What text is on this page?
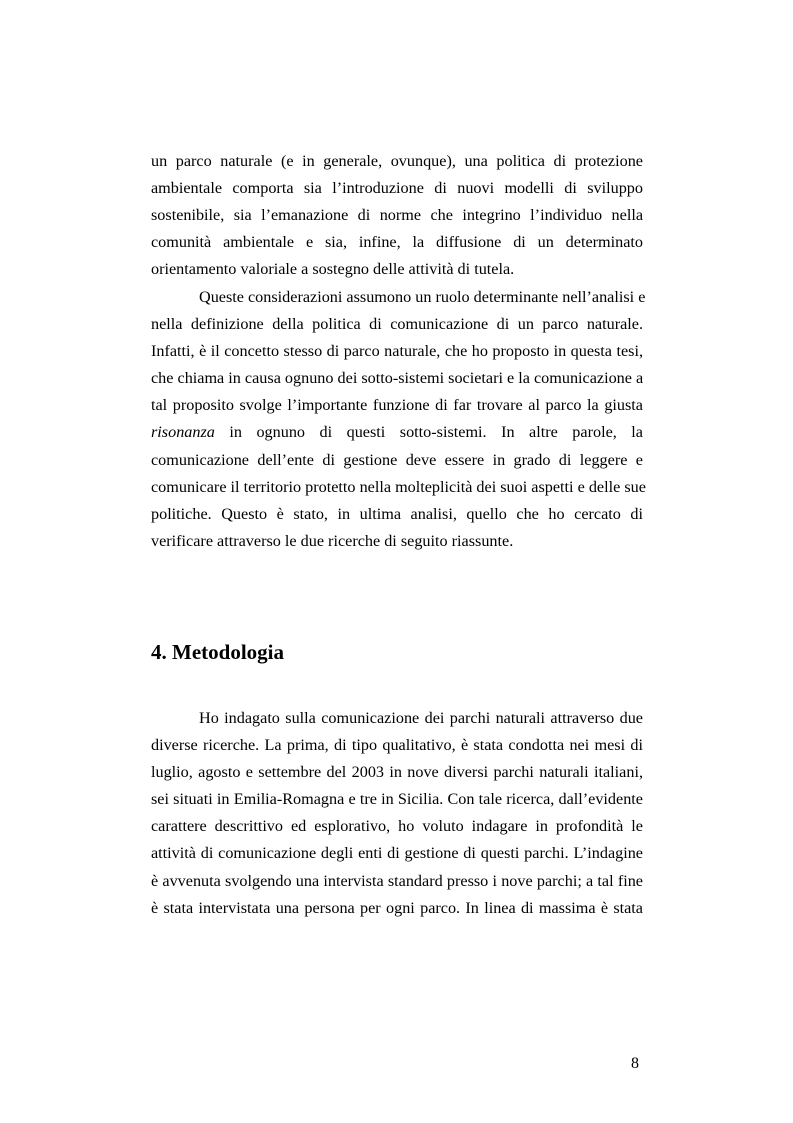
un parco naturale (e in generale, ovunque), una politica di protezione
ambientale comporta sia l’introduzione di nuovi modelli di sviluppo
sostenibile, sia l’emanazione di norme che integrino l’individuo nella
comunità ambientale e sia, infine, la diffusione di un determinato
orientamento valoriale a sostegno delle attività di tutela.

Queste considerazioni assumono un ruolo determinante nell’analisi e
nella definizione della politica di comunicazione di un parco naturale.
Infatti, è il concetto stesso di parco naturale, che ho proposto in questa tesi,
che chiama in causa ognuno dei sotto-sistemi societari e la comunicazione a
tal proposito svolge l’importante funzione di far trovare al parco la giusta
risonanza in ognuno di questi sotto-sistemi. In altre parole, la
comunicazione dell’ente di gestione deve essere in grado di leggere e
comunicare il territorio protetto nella molteplicità dei suoi aspetti e delle sue
politiche. Questo è stato, in ultima analisi, quello che ho cercato di
verificare attraverso le due ricerche di seguito riassunte.

4. Metodologia

Ho indagato sulla comunicazione dei parchi naturali attraverso due
diverse ricerche. La prima, di tipo qualitativo, è stata condotta nei mesi di
luglio, agosto e settembre del 2003 in nove diversi parchi naturali italiani,
sei situati in Emilia-Romagna e tre in Sicilia. Con tale ricerca, dall’evidente
carattere descrittivo ed esplorativo, ho voluto indagare in profondità le
attività di comunicazione degli enti di gestione di questi parchi. L’indagine
è avvenuta svolgendo una intervista standard presso i nove parchi; a tal fine
è stata intervistata una persona per ogni parco. In linea di massima è stata

8
